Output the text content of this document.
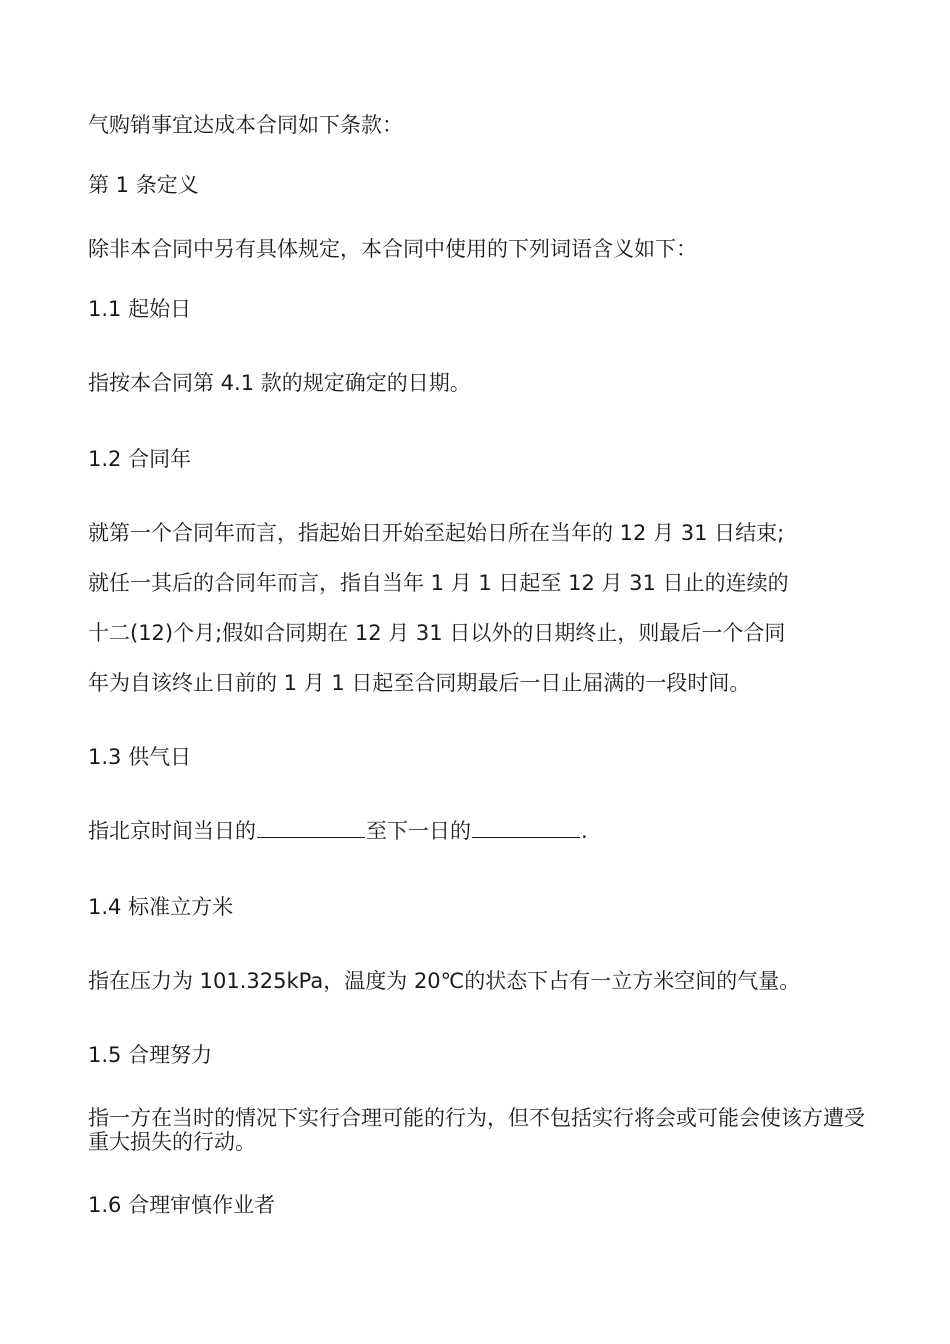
气购销事宜达成本合同如下条款：

第 1 条定义

除非本合同中另有具体规定，本合同中使用的下列词语含义如下：

1.1 起始日

指按本合同第 4.1 款的规定确定的日期。

1.2 合同年

就第一个合同年而言，指起始日开始至起始日所在当年的 12 月 31 日结束;

就任一其后的合同年而言，指自当年 1 月 1 日起至 12 月 31 日止的连续的

十二(12)个月;假如合同期在 12 月 31 日以外的日期终止，则最后一个合同

年为自该终止日前的 1 月 1 日起至合同期最后一日止届满的一段时间。

1.3 供气日

指北京时间当日的	至下一日的	.

1.4 标准立方米

指在压力为 101.325kPa，温度为 20℃的状态下占有一立方米空间的气量。

1.5 合理努力

指一方在当时的情况下实行合理可能的行为，但不包括实行将会或可能会使该方遭受重大损失的行动。

1.6 合理审慎作业者
